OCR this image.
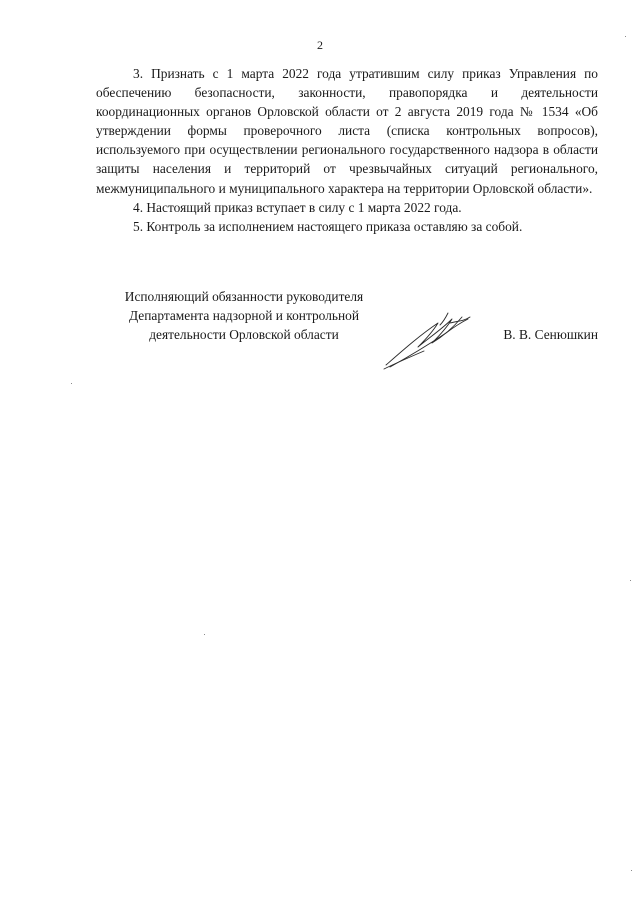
2

3. Признать с 1 марта 2022 года утратившим силу приказ Управления по обеспечению безопасности, законности, правопорядка и деятельности координационных органов Орловской области от 2 августа 2019 года № 1534 «Об утверждении формы проверочного листа (списка контрольных вопросов), используемого при осуществлении регионального государственного надзора в области защиты населения и территорий от чрезвычайных ситуаций регионального, межмуниципального и муниципального характера на территории Орловской области».

4. Настоящий приказ вступает в силу с 1 марта 2022 года.

5. Контроль за исполнением настоящего приказа оставляю за собой.

Исполняющий обязанности руководителя
Департамента надзорной и контрольной
деятельности Орловской области	В. В. Сенюшкин
